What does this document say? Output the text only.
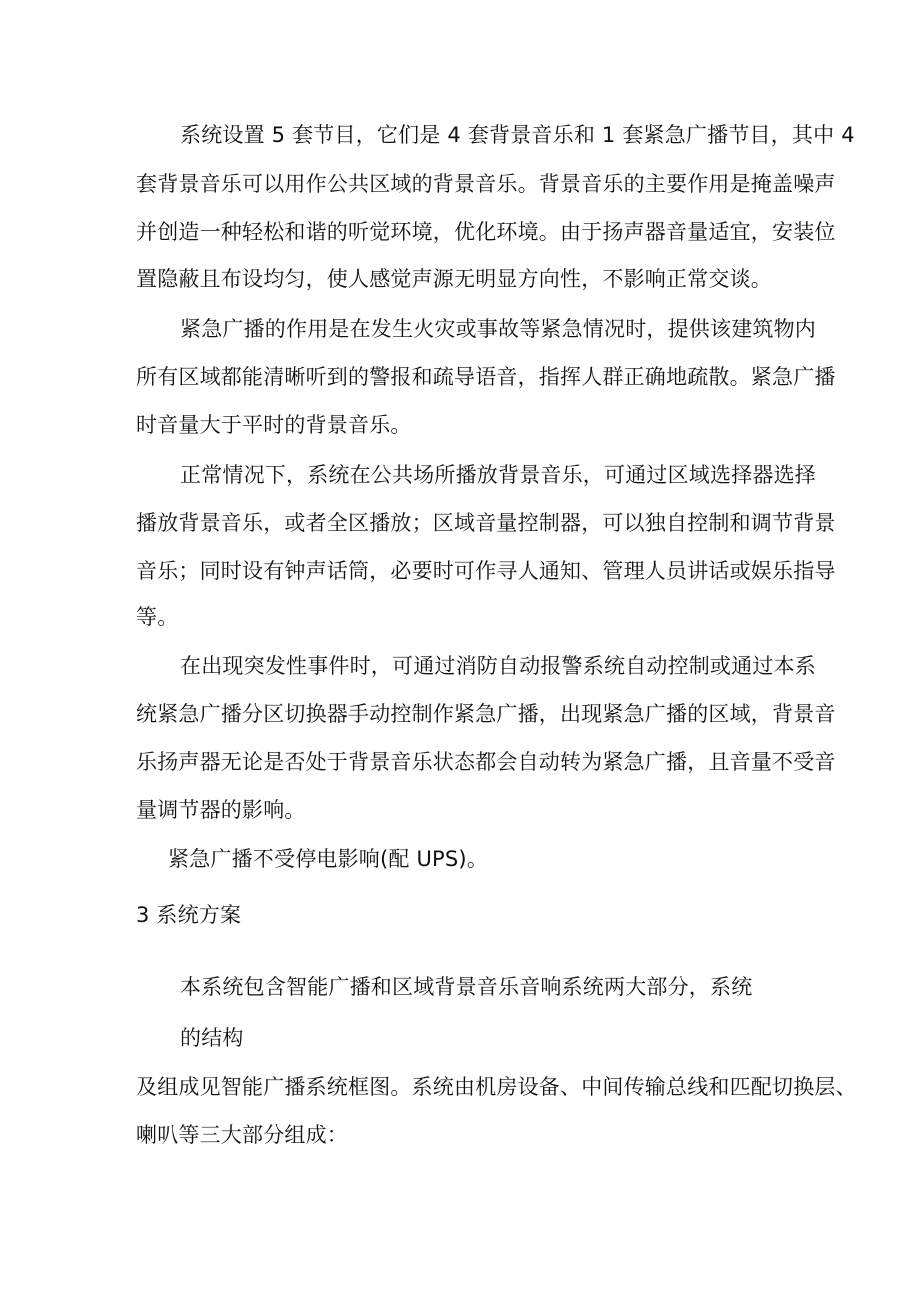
系统设置 5 套节目，它们是 4 套背景音乐和 1 套紧急广播节目，其中 4
套背景音乐可以用作公共区域的背景音乐。背景音乐的主要作用是掩盖噪声
并创造一种轻松和谐的听觉环境，优化环境。由于扬声器音量适宜，安装位
置隐蔽且布设均匀，使人感觉声源无明显方向性，不影响正常交谈。
紧急广播的作用是在发生火灾或事故等紧急情况时，提供该建筑物内
所有区域都能清晰听到的警报和疏导语音，指挥人群正确地疏散。紧急广播
时音量大于平时的背景音乐。
正常情况下，系统在公共场所播放背景音乐，可通过区域选择器选择
播放背景音乐，或者全区播放；区域音量控制器，可以独自控制和调节背景
音乐；同时设有钟声话筒，必要时可作寻人通知、管理人员讲话或娱乐指导
等。
在出现突发性事件时，可通过消防自动报警系统自动控制或通过本系
统紧急广播分区切换器手动控制作紧急广播，出现紧急广播的区域，背景音
乐扬声器无论是否处于背景音乐状态都会自动转为紧急广播，且音量不受音
量调节器的影响。
紧急广播不受停电影响(配 UPS)。
3 系统方案
本系统包含智能广播和区域背景音乐音响系统两大部分，系统
的结构
及组成见智能广播系统框图。系统由机房设备、中间传输总线和匹配切换层、
喇叭等三大部分组成：
